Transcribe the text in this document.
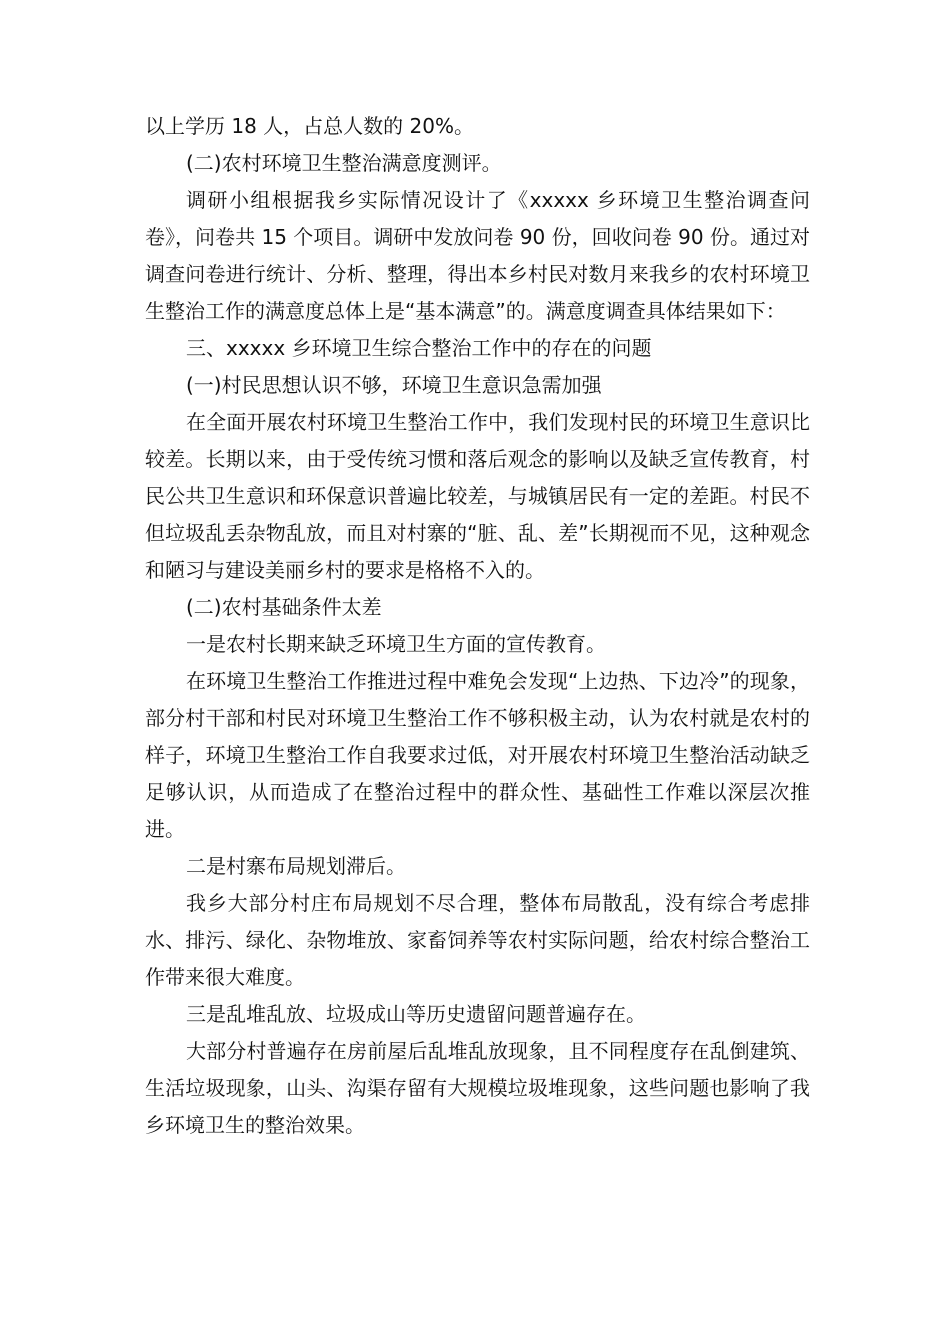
以上学历 18 人，占总人数的 20%。

(二)农村环境卫生整治满意度测评。

调研小组根据我乡实际情况设计了《xxxxx 乡环境卫生整治调查问卷》，问卷共 15 个项目。调研中发放问卷 90 份，回收问卷 90 份。通过对调查问卷进行统计、分析、整理，得出本乡村民对数月来我乡的农村环境卫生整治工作的满意度总体上是“基本满意”的。满意度调查具体结果如下：

三、xxxxx 乡环境卫生综合整治工作中的存在的问题

(一)村民思想认识不够，环境卫生意识急需加强

在全面开展农村环境卫生整治工作中，我们发现村民的环境卫生意识比较差。长期以来，由于受传统习惯和落后观念的影响以及缺乏宣传教育，村民公共卫生意识和环保意识普遍比较差，与城镇居民有一定的差距。村民不但垃圾乱丢杂物乱放，而且对村寨的“脏、乱、差”长期视而不见，这种观念和陋习与建设美丽乡村的要求是格格不入的。

(二)农村基础条件太差

一是农村长期来缺乏环境卫生方面的宣传教育。

在环境卫生整治工作推进过程中难免会发现“上边热、下边冷”的现象，部分村干部和村民对环境卫生整治工作不够积极主动，认为农村就是农村的样子，环境卫生整治工作自我要求过低，对开展农村环境卫生整治活动缺乏足够认识，从而造成了在整治过程中的群众性、基础性工作难以深层次推进。

二是村寨布局规划滞后。

我乡大部分村庄布局规划不尽合理，整体布局散乱，没有综合考虑排水、排污、绿化、杂物堆放、家畜饲养等农村实际问题，给农村综合整治工作带来很大难度。

三是乱堆乱放、垃圾成山等历史遗留问题普遍存在。

大部分村普遍存在房前屋后乱堆乱放现象，且不同程度存在乱倒建筑、生活垃圾现象，山头、沟渠存留有大规模垃圾堆现象，这些问题也影响了我乡环境卫生的整治效果。
